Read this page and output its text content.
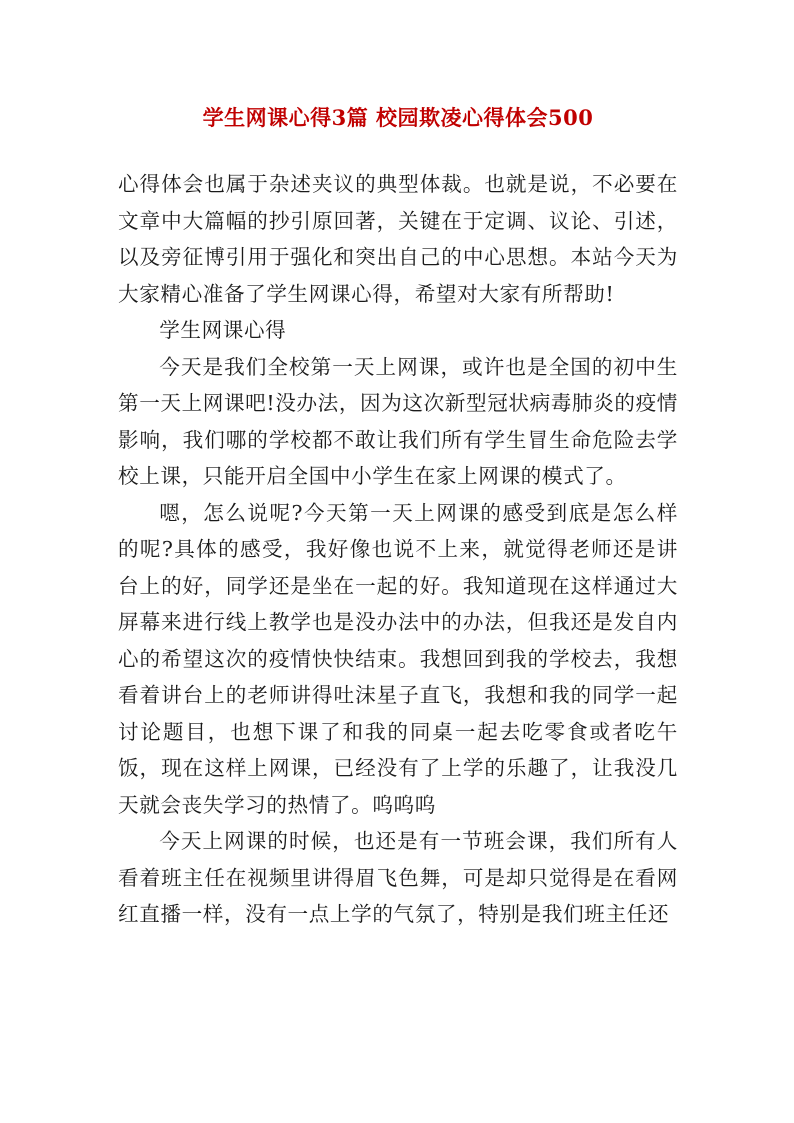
学生网课心得3篇 校园欺凌心得体会500

心得体会也属于杂述夹议的典型体裁。也就是说，不必要在文章中大篇幅的抄引原回著，关键在于定调、议论、引述，以及旁征博引用于强化和突出自己的中心思想。本站今天为大家精心准备了学生网课心得，希望对大家有所帮助!

学生网课心得

今天是我们全校第一天上网课，或许也是全国的初中生第一天上网课吧!没办法，因为这次新型冠状病毒肺炎的疫情影响，我们哪的学校都不敢让我们所有学生冒生命危险去学校上课，只能开启全国中小学生在家上网课的模式了。

嗯，怎么说呢?今天第一天上网课的感受到底是怎么样的呢?具体的感受，我好像也说不上来，就觉得老师还是讲台上的好，同学还是坐在一起的好。我知道现在这样通过大屏幕来进行线上教学也是没办法中的办法，但我还是发自内心的希望这次的疫情快快结束。我想回到我的学校去，我想看着讲台上的老师讲得吐沫星子直飞，我想和我的同学一起讨论题目，也想下课了和我的同桌一起去吃零食或者吃午饭，现在这样上网课，已经没有了上学的乐趣了，让我没几天就会丧失学习的热情了。呜呜呜

今天上网课的时候，也还是有一节班会课，我们所有人看着班主任在视频里讲得眉飞色舞，可是却只觉得是在看网红直播一样，没有一点上学的气氛了，特别是我们班主任还
